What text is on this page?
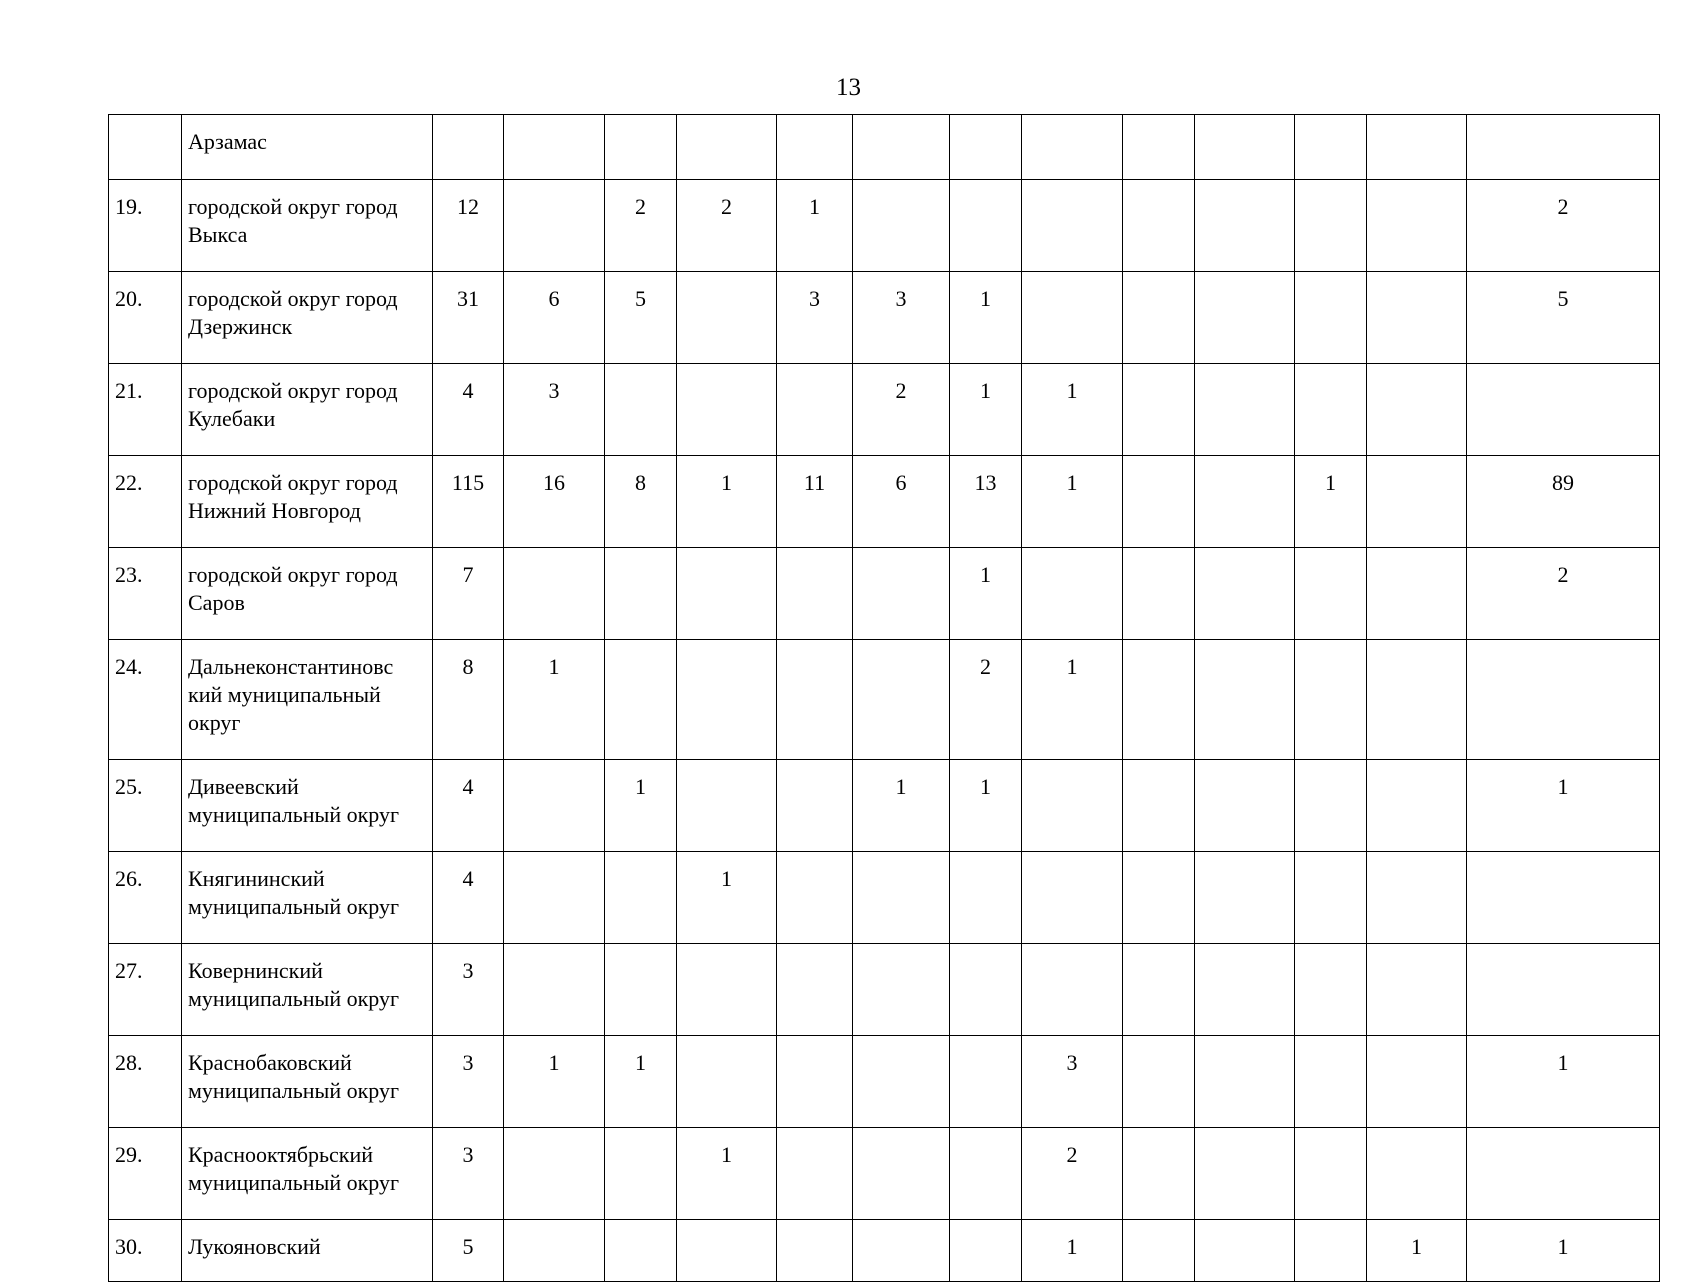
13
	Арзамас													
19.	городской округ город
Выкса	12		2	2	1								2
20.	городской округ город
Дзержинск	31	6	5		3	3	1						5
21.	городской округ город
Кулебаки	4	3				2	1	1					
22.	городской округ город
Нижний Новгород	115	16	8	1	11	6	13	1			1		89
23.	городской округ город
Саров	7						1						2
24.	Дальнеконстантиновс
кий муниципальный
округ	8	1					2	1					
25.	Дивеевский
муниципальный округ	4		1			1	1						1
26.	Княгининский
муниципальный округ	4			1									
27.	Ковернинский
муниципальный округ	3												
28.	Краснобаковский
муниципальный округ	3	1	1					3					1
29.	Краснооктябрьский
муниципальный округ	3			1				2					
30.	Лукояновский	5							1				1	1
